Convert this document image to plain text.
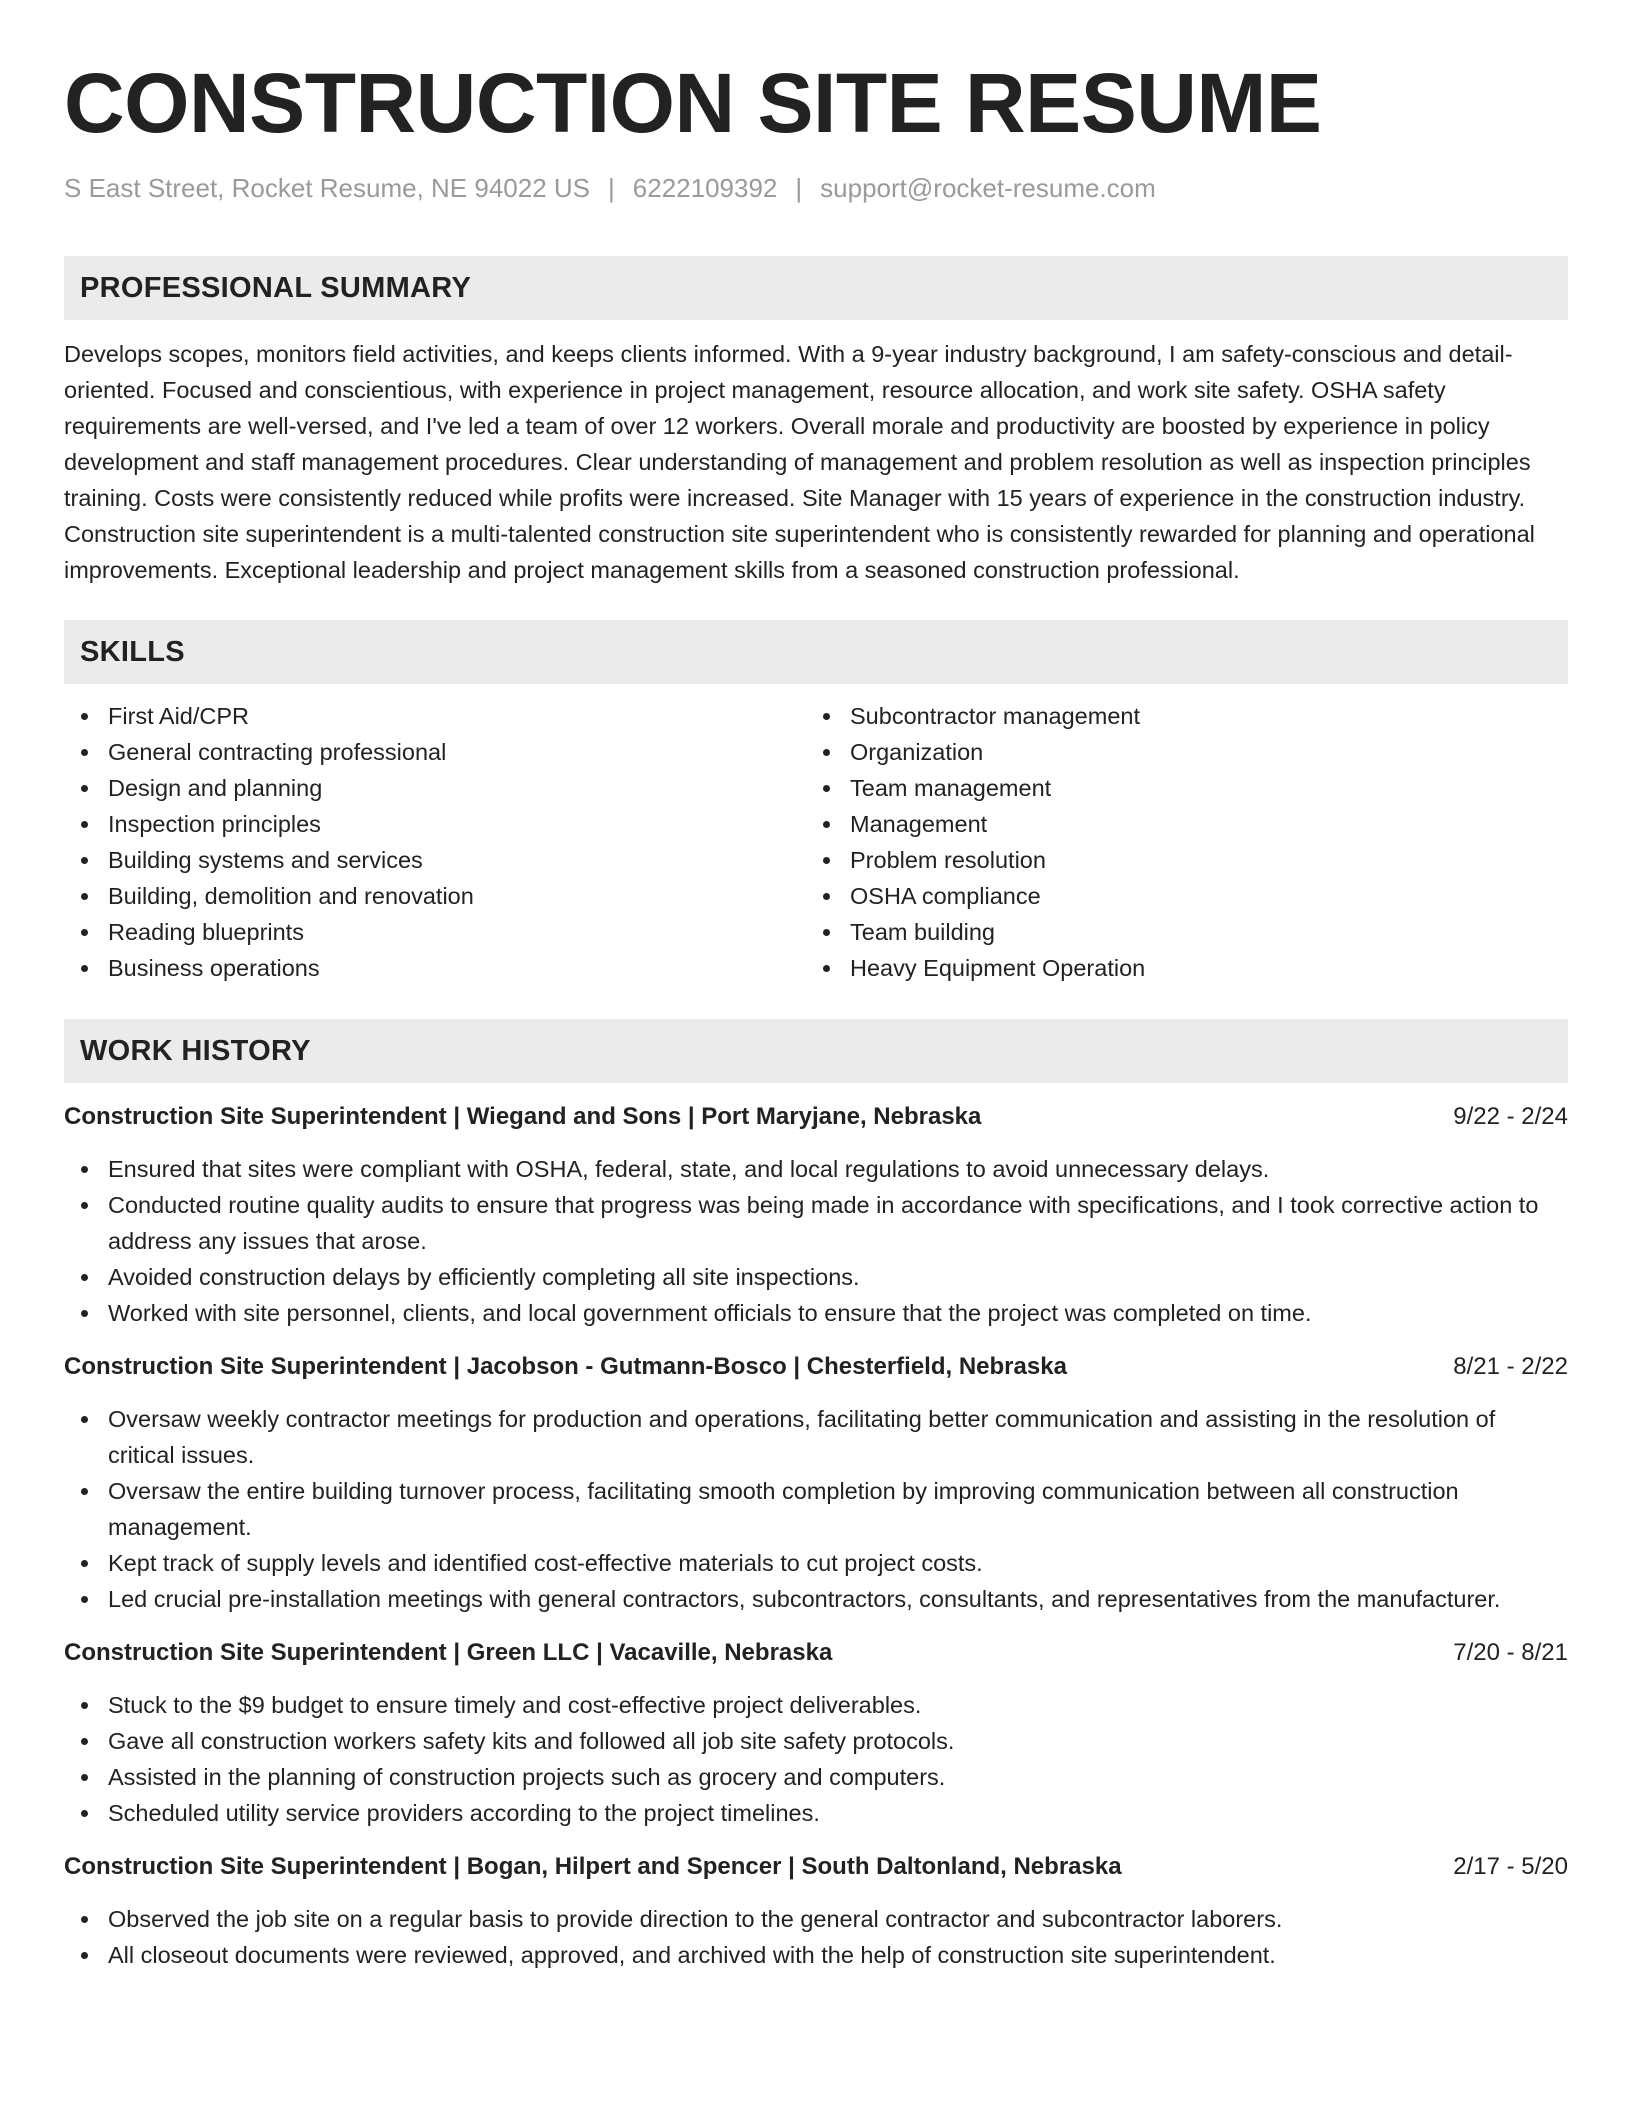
CONSTRUCTION SITE RESUME
S East Street, Rocket Resume, NE 94022 US | 6222109392 | support@rocket-resume.com
PROFESSIONAL SUMMARY

Develops scopes, monitors field activities, and keeps clients informed. With a 9-year industry background, I am safety-conscious and detail-oriented. Focused and conscientious, with experience in project management, resource allocation, and work site safety. OSHA safety requirements are well-versed, and I've led a team of over 12 workers. Overall morale and productivity are boosted by experience in policy development and staff management procedures. Clear understanding of management and problem resolution as well as inspection principles training. Costs were consistently reduced while profits were increased. Site Manager with 15 years of experience in the construction industry. Construction site superintendent is a multi-talented construction site superintendent who is consistently rewarded for planning and operational improvements. Exceptional leadership and project management skills from a seasoned construction professional.

SKILLS
First Aid/CPR
General contracting professional
Design and planning
Inspection principles
Building systems and services
Building, demolition and renovation
Reading blueprints
Business operations
Subcontractor management
Organization
Team management
Management
Problem resolution
OSHA compliance
Team building
Heavy Equipment Operation
WORK HISTORY
Construction Site Superintendent | Wiegand and Sons | Port Maryjane, Nebraska	9/22 - 2/24
Ensured that sites were compliant with OSHA, federal, state, and local regulations to avoid unnecessary delays.
Conducted routine quality audits to ensure that progress was being made in accordance with specifications, and I took corrective action to address any issues that arose.
Avoided construction delays by efficiently completing all site inspections.
Worked with site personnel, clients, and local government officials to ensure that the project was completed on time.
Construction Site Superintendent | Jacobson - Gutmann-Bosco | Chesterfield, Nebraska	8/21 - 2/22
Oversaw weekly contractor meetings for production and operations, facilitating better communication and assisting in the resolution of critical issues.
Oversaw the entire building turnover process, facilitating smooth completion by improving communication between all construction management.
Kept track of supply levels and identified cost-effective materials to cut project costs.
Led crucial pre-installation meetings with general contractors, subcontractors, consultants, and representatives from the manufacturer.
Construction Site Superintendent | Green LLC | Vacaville, Nebraska	7/20 - 8/21
Stuck to the $9 budget to ensure timely and cost-effective project deliverables.
Gave all construction workers safety kits and followed all job site safety protocols.
Assisted in the planning of construction projects such as grocery and computers.
Scheduled utility service providers according to the project timelines.
Construction Site Superintendent | Bogan, Hilpert and Spencer | South Daltonland, Nebraska	2/17 - 5/20
Observed the job site on a regular basis to provide direction to the general contractor and subcontractor laborers.
All closeout documents were reviewed, approved, and archived with the help of construction site superintendent.
